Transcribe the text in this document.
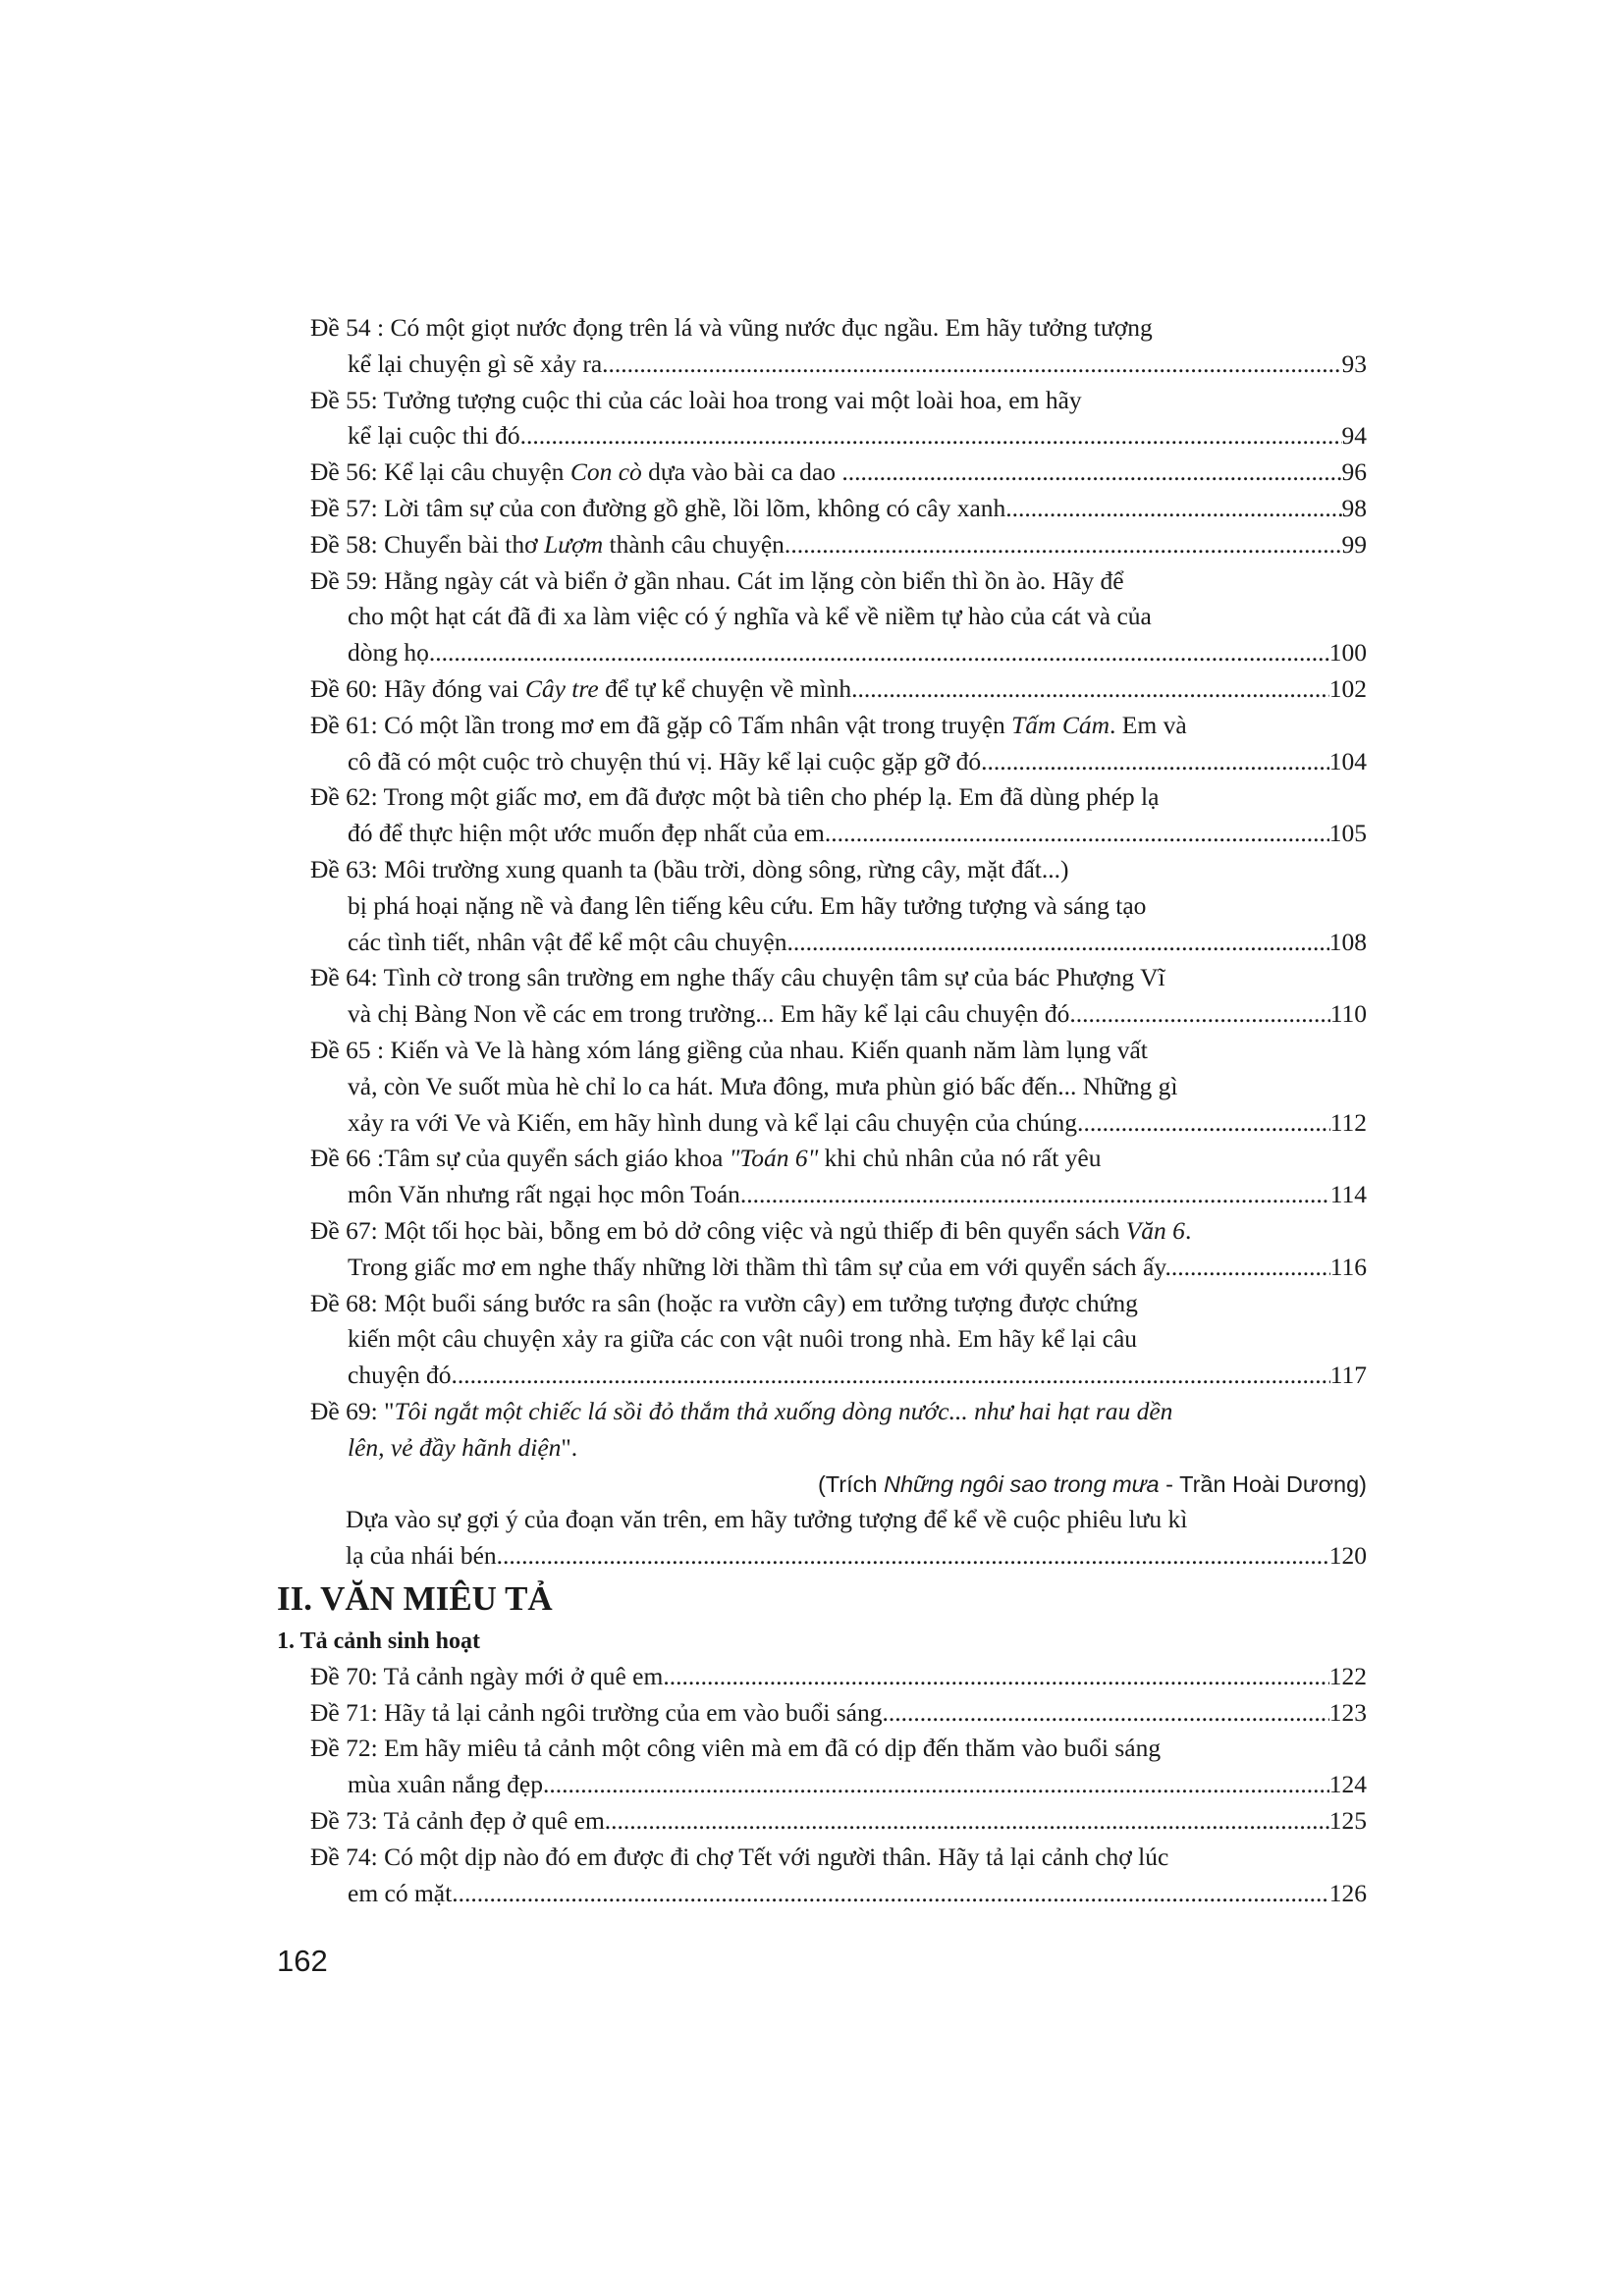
Đề 54 : Có một giọt nước đọng trên lá và vũng nước đục ngầu. Em hãy tưởng tượng
kể lại chuyện gì sẽ xảy ra. .....	93
Đề 55: Tưởng tượng cuộc thi của các loài hoa trong vai một loài hoa, em hãy
kể lại cuộc thi đó. .....	94
Đề 56: Kể lại câu chuyện Con cò dựa vào bài ca dao ... .....	96
Đề 57: Lời tâm sự của con đường gồ ghề, lồi lõm, không có cây xanh. .....	98
Đề 58: Chuyển bài thơ Lượm thành câu chuyện. .....	99
Đề 59: Hằng ngày cát và biển ở gần nhau. Cát im lặng còn biển thì ồn ào. Hãy để
cho một hạt cát đã đi xa làm việc có ý nghĩa và kể về niềm tự hào của cát và của
dòng họ. .....	100
Đề 60: Hãy đóng vai Cây tre để tự kể chuyện về mình. .....	102
Đề 61: Có một lần trong mơ em đã gặp cô Tấm nhân vật trong truyện Tấm Cám. Em và
cô đã có một cuộc trò chuyện thú vị. Hãy kể lại cuộc gặp gỡ đó. .....	104
Đề 62: Trong một giấc mơ, em đã được một bà tiên cho phép lạ. Em đã dùng phép lạ
đó để thực hiện một ước muốn đẹp nhất của em. .....	105
Đề 63: Môi trường xung quanh ta (bầu trời, dòng sông, rừng cây, mặt đất...)
bị phá hoại nặng nề và đang lên tiếng kêu cứu. Em hãy tưởng tượng và sáng tạo
các tình tiết, nhân vật để kể một câu chuyện .....	108
Đề 64: Tình cờ trong sân trường em nghe thấy câu chuyện tâm sự của bác Phượng Vĩ
và chị Bàng Non về các em trong trường... Em hãy kể lại câu chuyện đó. .....	110
Đề 65 : Kiến và Ve là hàng xóm láng giềng của nhau. Kiến quanh năm làm lụng vất
vả, còn Ve suốt mùa hè chỉ lo ca hát. Mưa đông, mưa phùn gió bấc đến... Những gì
xảy ra với Ve và Kiến, em hãy hình dung và kể lại câu chuyện của chúng. .....	112
Đề 66 :Tâm sự của quyển sách giáo khoa "Toán 6" khi chủ nhân của nó rất yêu
môn Văn nhưng rất ngại học môn Toán .....	114
Đề 67: Một tối học bài, bỗng em bỏ dở công việc và ngủ thiếp đi bên quyển sách Văn 6.
Trong giấc mơ em nghe thấy những lời thầm thì tâm sự của em với quyển sách ấy. .....	116
Đề 68: Một buổi sáng bước ra sân (hoặc ra vườn cây) em tưởng tượng được chứng
kiến một câu chuyện xảy ra giữa các con vật nuôi trong nhà. Em hãy kể lại câu
chuyện đó. .....	117
Đề 69: "Tôi ngắt một chiếc lá sồi đỏ thắm thả xuống dòng nước... như hai hạt rau dền
lên, vẻ đầy hãnh diện".
(Trích Những ngôi sao trong mưa - Trần Hoài Dương)
Dựa vào sự gợi ý của đoạn văn trên, em hãy tưởng tượng để kể về cuộc phiêu lưu kì
lạ của nhái bén .....	120
II. VĂN MIÊU TẢ
1. Tả cảnh sinh hoạt
Đề 70: Tả cảnh ngày mới ở quê em. .....	122
Đề 71: Hãy tả lại cảnh ngôi trường của em vào buổi sáng. .....	123
Đề 72: Em hãy miêu tả cảnh một công viên mà em đã có dịp đến thăm vào buổi sáng
mùa xuân nắng đẹp. .....	124
Đề 73: Tả cảnh đẹp ở quê em. .....	125
Đề 74: Có một dịp nào đó em được đi chợ Tết với người thân. Hãy tả lại cảnh chợ lúc
em có mặt. .....	126
162
